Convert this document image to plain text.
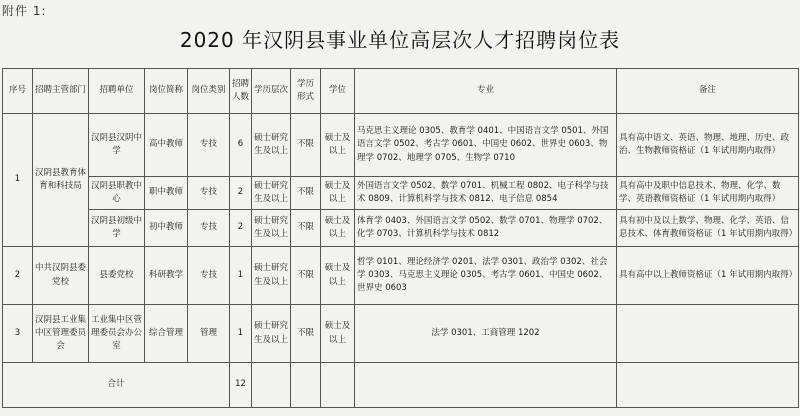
附件 1:
2020 年汉阴县事业单位高层次人才招聘岗位表
序号	招聘主管部门	招聘单位	岗位简称	岗位类别	招聘人数	学历层次	学历形式	学位	专业	备注
1	汉阴县教育体育和科技局	汉阴县汉阴中学	高中教师	专技	6	硕士研究生及以上	不限	硕士及以上	马克思主义理论 0305、教育学 0401、中国语言文学 0501、外国语言文学 0502、考古学 0601、中国史 0602、世界史 0603、物理学 0702、地理学 0705、生物学 0710	具有高中语文、英语、物理、地理、历史、政治、生物教师资格证（1 年试用期内取得）
		汉阴县职教中心	职中教师	专技	2	硕士研究生及以上	不限	硕士及以上	外国语言文学 0502、数学 0701、机械工程 0802、电子科学与技术 0809、计算机科学与技术 0812、电子信息 0854	具有高中及职中信息技术、物理、化学、数学、英语教师资格证（1 年试用期内取得）
		汉阴县初级中学	初中教师	专技	2	硕士研究生及以上	不限	硕士及以上	体育学 0403、外国语言文学 0502、数学 0701、物理学 0702、化学 0703、计算机科学与技术 0812	具有初中及以上数学、物理、化学、英语、信息技术、体育教师资格证（1 年试用期内取得）
2	中共汉阴县委党校	县委党校	科研教学	专技	1	硕士研究生及以上	不限	硕士及以上	哲学 0101、理论经济学 0201、法学 0301、政治学 0302、社会学 0303、马克思主义理论 0305、考古学 0601、中国史 0602、世界史 0603	具有高中以上教师资格证（1 年试用期内取得）
3	汉阴县工业集中区管理委员会	工业集中区管理委员会办公室	综合管理	管理	1	硕士研究生及以上	不限	硕士及以上	法学 0301、工商管理 1202	
合计					12					
